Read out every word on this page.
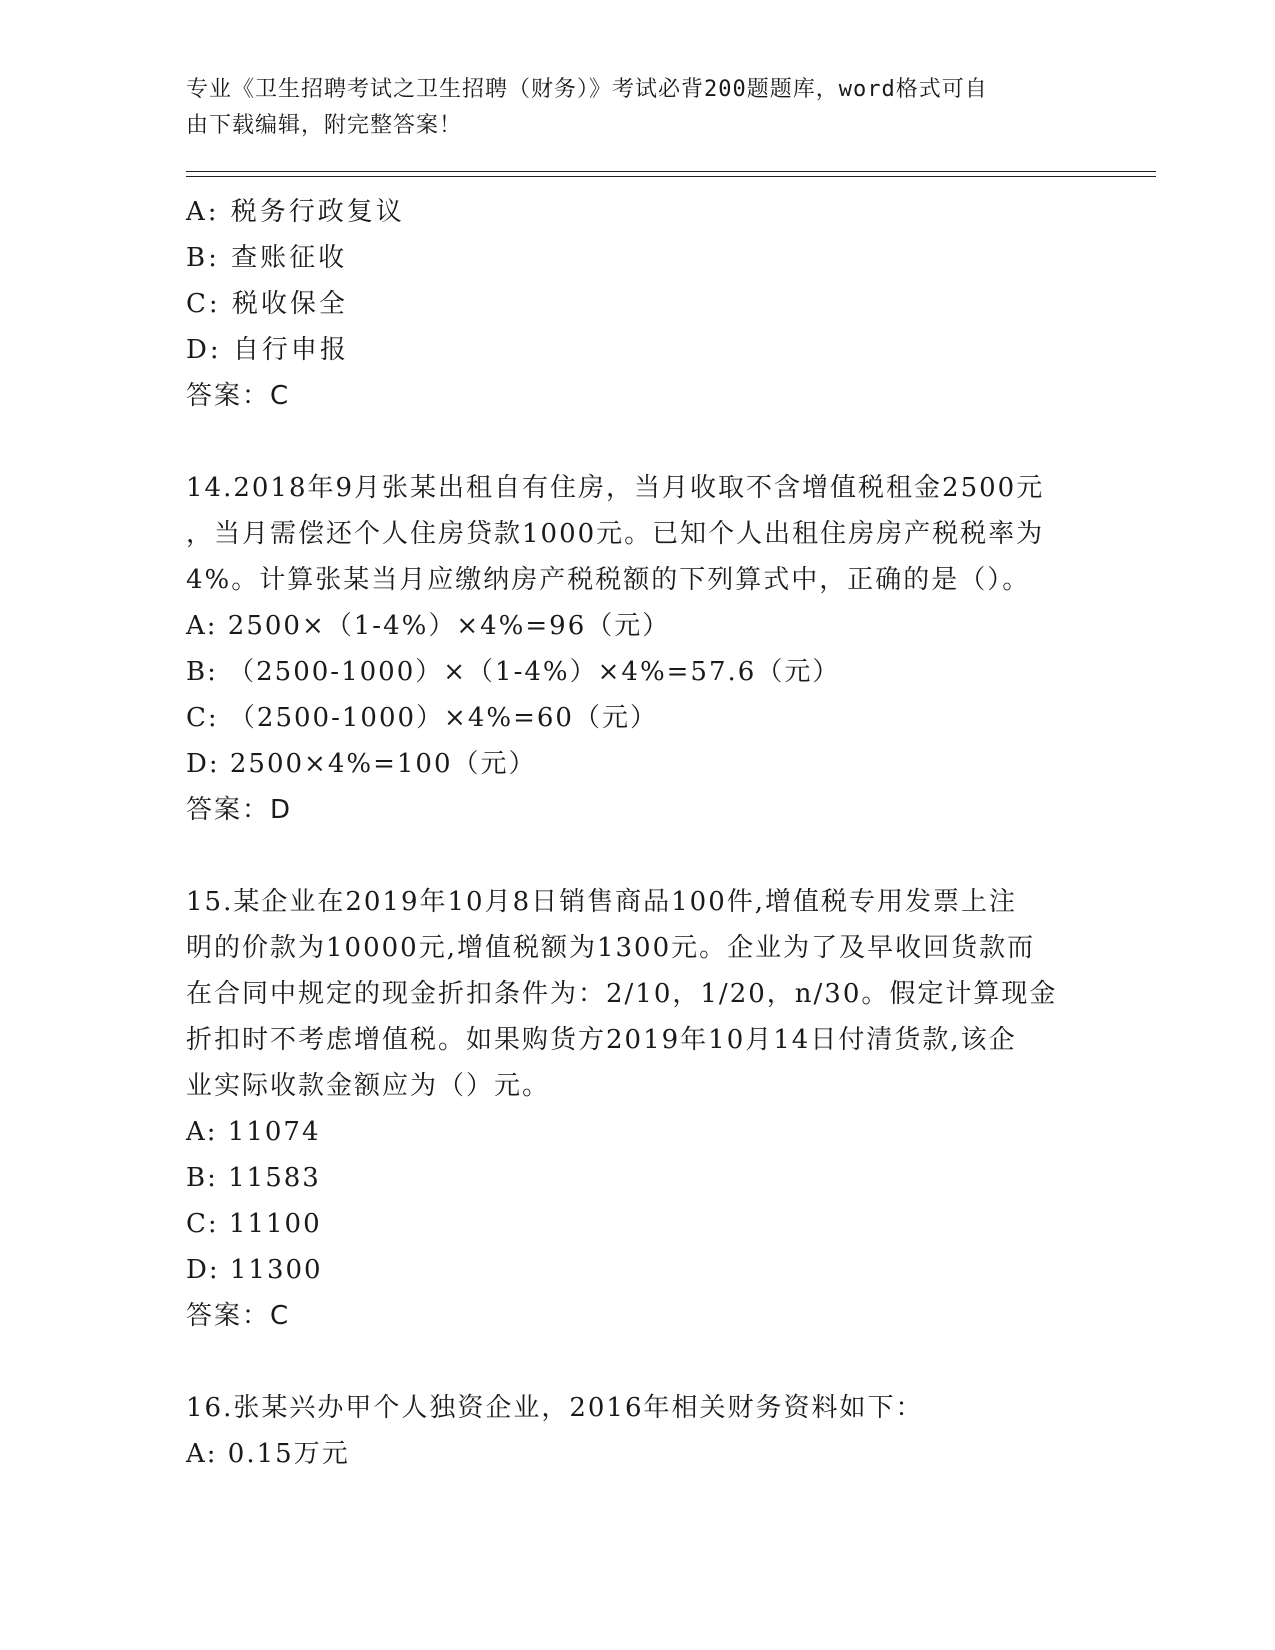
专业《卫生招聘考试之卫生招聘（财务）》考试必背200题题库，word格式可自
由下载编辑，附完整答案！
A: 税务行政复议
B: 查账征收
C: 税收保全
D: 自行申报
答案：C
14.2018年9月张某出租自有住房，当月收取不含增值税租金2500元
，当月需偿还个人住房贷款1000元。已知个人出租住房房产税税率为
4%。计算张某当月应缴纳房产税税额的下列算式中，正确的是（）。
A: 2500×（1-4%）×4%=96（元）
B: （2500-1000）×（1-4%）×4%=57.6（元）
C: （2500-1000）×4%=60（元）
D: 2500×4%=100（元）
答案：D
15.某企业在2019年10月8日销售商品100件,增值税专用发票上注
明的价款为10000元,增值税额为1300元。企业为了及早收回货款而
在合同中规定的现金折扣条件为：2/10，1/20，n/30。假定计算现金
折扣时不考虑增值税。如果购货方2019年10月14日付清货款,该企
业实际收款金额应为（）元。
A: 11074
B: 11583
C: 11100
D: 11300
答案：C
16.张某兴办甲个人独资企业，2016年相关财务资料如下：
A: 0.15万元
